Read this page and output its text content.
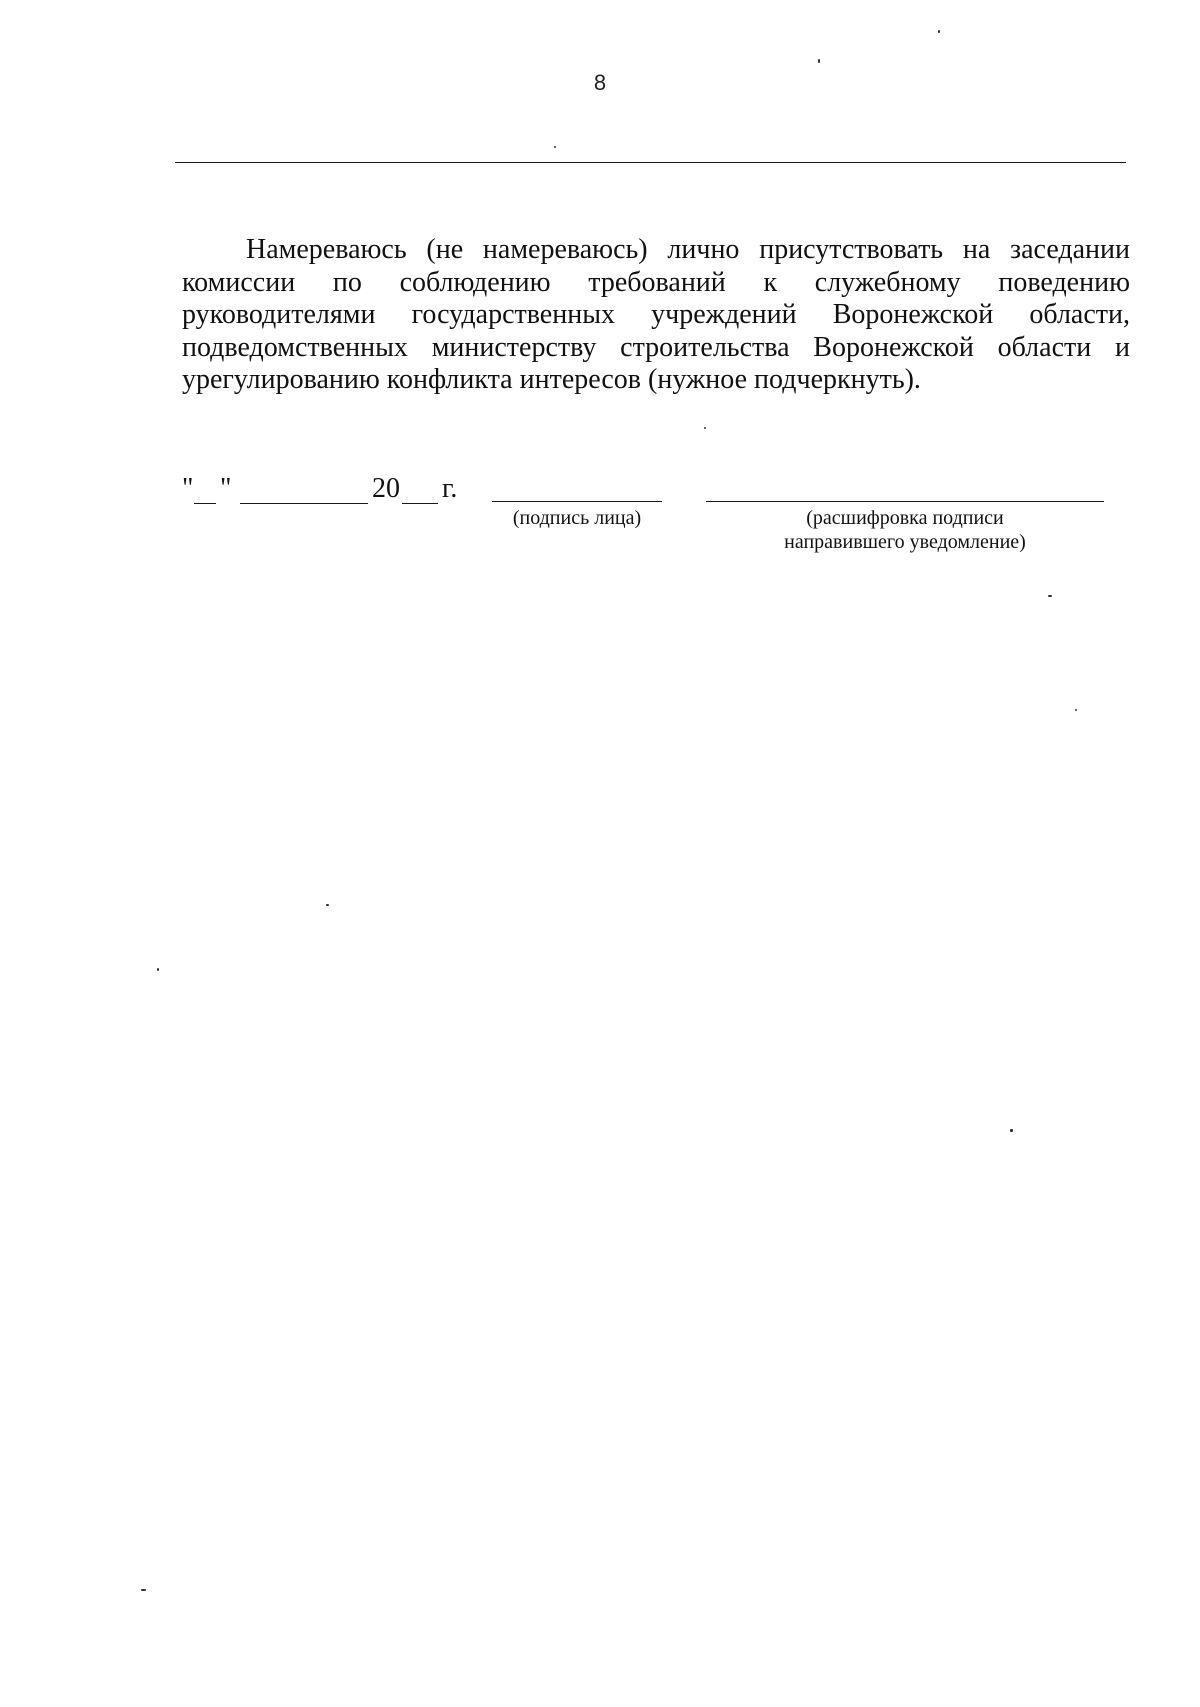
8

Намереваюсь (не намереваюсь) лично присутствовать на заседании комиссии по соблюдению требований к служебному поведению руководителями государственных учреждений Воронежской области, подведомственных министерству строительства Воронежской области и урегулированию конфликта интересов (нужное подчеркнуть).

" "	20 г.
(подпись лица)	(расшифровка подписи
направившего уведомление)
